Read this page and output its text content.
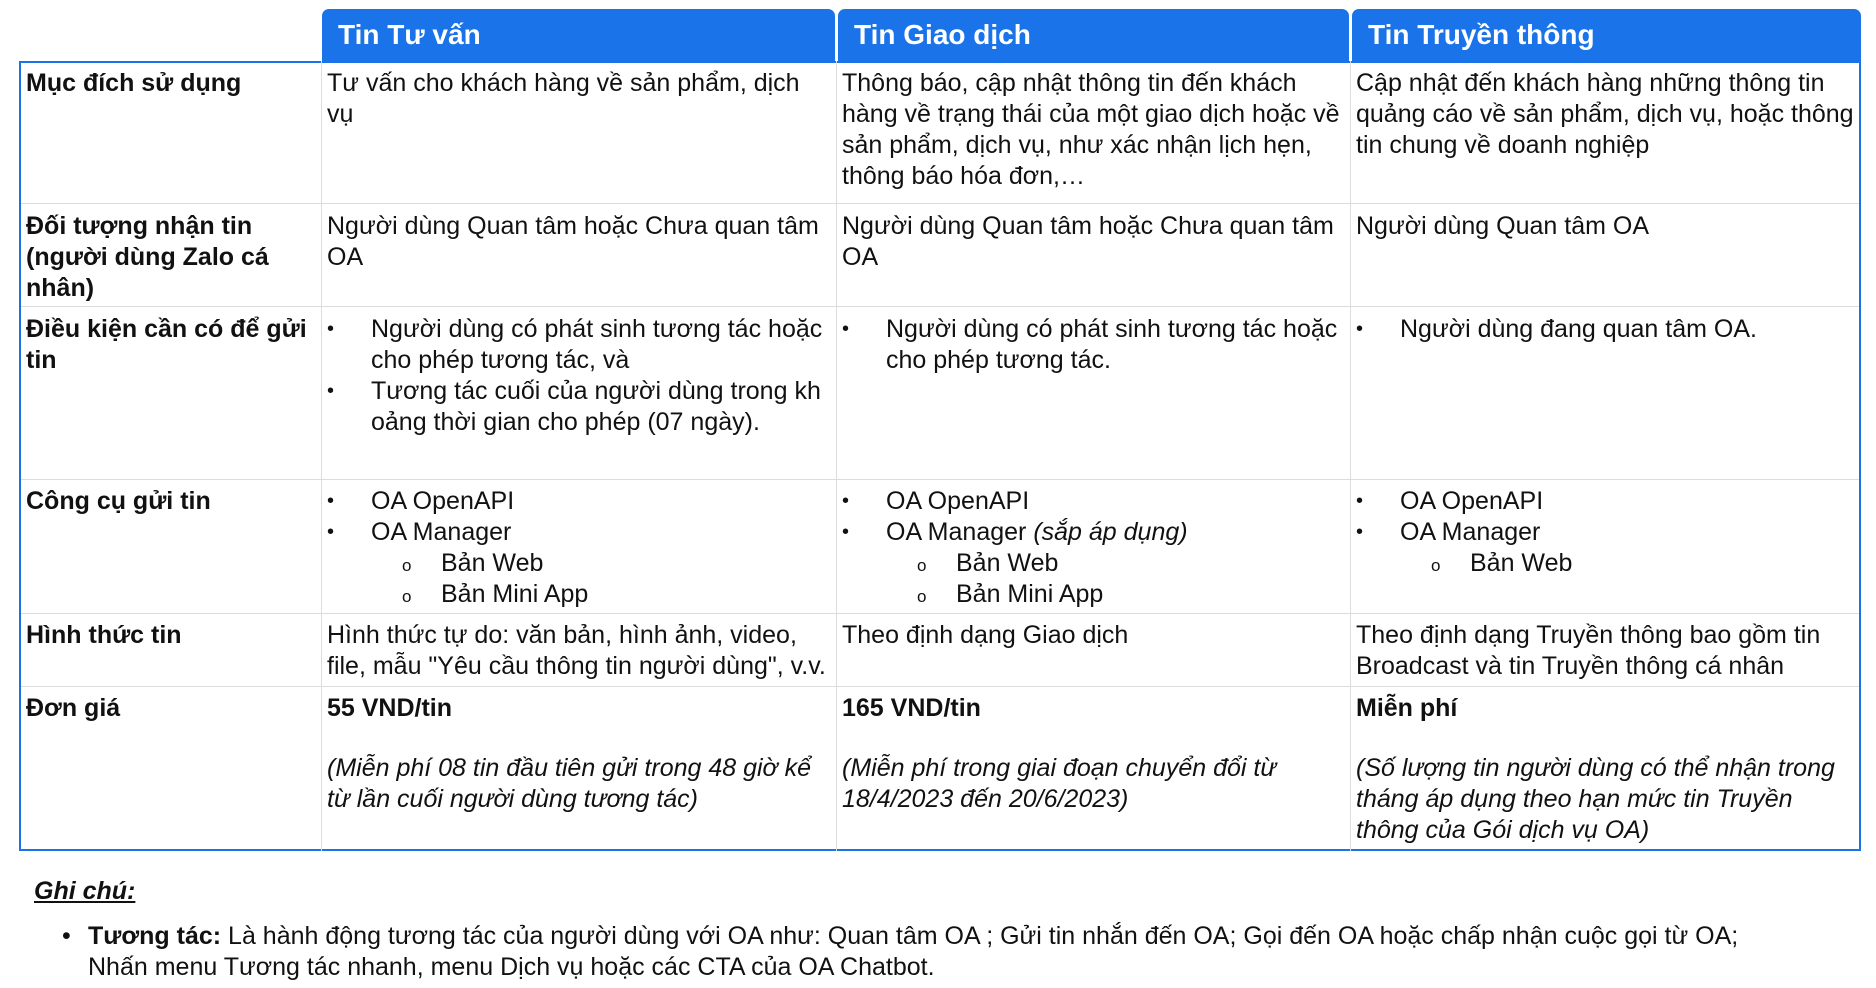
Tin Tư vấn	Tin Giao dịch	Tin Truyền thông
Mục đích sử dụng	Tư vấn cho khách hàng về sản phẩm, dịch vụ
Thông báo, cập nhật thông tin đến khách hàng về trạng thái của một giao dịch hoặc về sản phẩm, dịch vụ, như xác nhận lịch hẹn, thông báo hóa đơn,…
Cập nhật đến khách hàng những thông tin quảng cáo về sản phẩm, dịch vụ, hoặc thông tin chung về doanh nghiệp
Đối tượng nhận tin (người dùng Zalo cá nhân)
Người dùng Quan tâm hoặc Chưa quan tâm OA
Người dùng Quan tâm hoặc Chưa quan tâm OA
Người dùng Quan tâm OA
Điều kiện cần có để gửi tin
• Người dùng có phát sinh tương tác hoặc cho phép tương tác, và
• Tương tác cuối của người dùng trong khoảng thời gian cho phép (07 ngày).
• Người dùng có phát sinh tương tác hoặc cho phép tương tác.
• Người dùng đang quan tâm OA.
Công cụ gửi tin
•	OA OpenAPI
• OA Manager
o Bản Web
o Bản Mini App
• OA OpenAPI
• OA Manager (sắp áp dụng)
o Bản Web
o Bản Mini App
• OA OpenAPI
• OA Manager
o Bản Web
Hình thức tin	Hình thức tự do: văn bản, hình ảnh, video, file, mẫu "Yêu cầu thông tin người dùng", v.v.
Theo định dạng Giao dịch	Theo định dạng Truyền thông bao gồm tin Broadcast và tin Truyền thông cá nhân
Đơn giá	55 VND/tin
(Miễn phí 08 tin đầu tiên gửi trong 48 giờ kể từ lần cuối người dùng tương tác)
165 VND/tin
(Miễn phí trong giai đoạn chuyển đổi từ 18/4/2023 đến 20/6/2023)
Miễn phí
(Số lượng tin người dùng có thể nhận trong tháng áp dụng theo hạn mức tin Truyền thông của Gói dịch vụ OA)
Ghi chú:
• Tương tác: Là hành động tương tác của người dùng với OA như: Quan tâm OA ; Gửi tin nhắn đến OA; Gọi đến OA hoặc chấp nhận cuộc gọi từ OA; Nhấn menu Tương tác nhanh, menu Dịch vụ hoặc các CTA của OA Chatbot.
